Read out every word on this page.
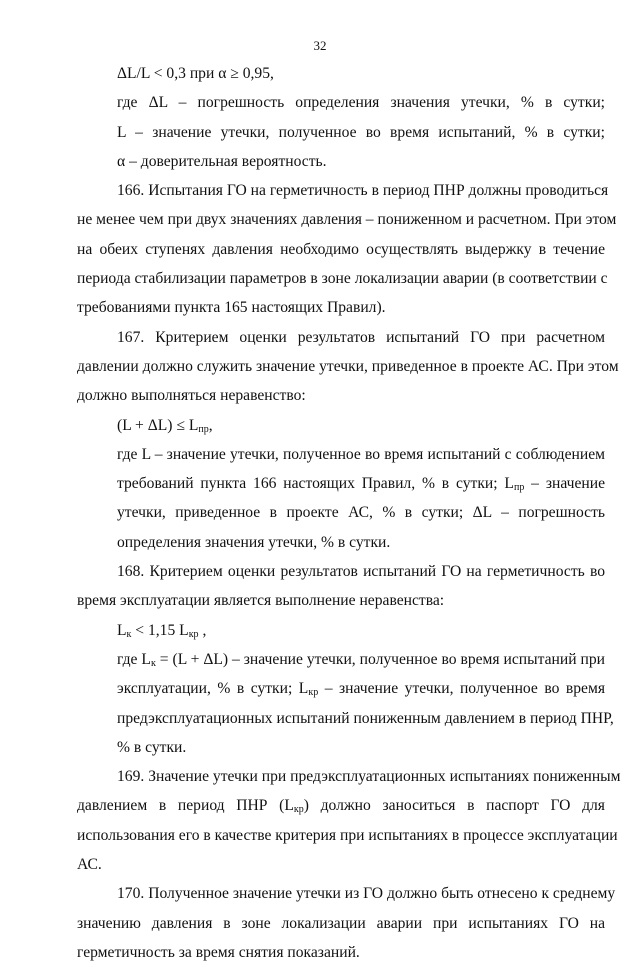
32
ΔL/L < 0,3 при α ≥ 0,95,
где ΔL – погрешность определения значения утечки, % в сутки;
L – значение утечки, полученное во время испытаний, % в сутки;
α – доверительная вероятность.
166. Испытания ГО на герметичность в период ПНР должны проводиться
не менее чем при двух значениях давления – пониженном и расчетном. При этом
на обеих ступенях давления необходимо осуществлять выдержку в течение
периода стабилизации параметров в зоне локализации аварии (в соответствии с
требованиями пункта 165 настоящих Правил).
167. Критерием оценки результатов испытаний ГО при расчетном
давлении должно служить значение утечки, приведенное в проекте АС. При этом
должно выполняться неравенство:
$(L + \Delta L) \le L_{пр}$,
где L – значение утечки, полученное во время испытаний с соблюдением
требований пункта 166 настоящих Правил, % в сутки; $L_{пр}$ – значение
утечки, приведенное в проекте АС, % в сутки; ΔL – погрешность
определения значения утечки, % в сутки.
168. Критерием оценки результатов испытаний ГО на герметичность во
время эксплуатации является выполнение неравенства:
$L_к < 1,15$ $L_{кр}$ ,
где $L_к = (L + \Delta L)$ – значение утечки, полученное во время испытаний при
эксплуатации, % в сутки; $L_{кр}$ – значение утечки, полученное во время
предэксплуатационных испытаний пониженным давлением в период ПНР,
% в сутки.
169. Значение утечки при предэксплуатационных испытаниях пониженным
давлением в период ПНР $(L_{кр})$ должно заноситься в паспорт ГО для
использования его в качестве критерия при испытаниях в процессе эксплуатации
АС.
170. Полученное значение утечки из ГО должно быть отнесено к среднему
значению давления в зоне локализации аварии при испытаниях ГО на
герметичность за время снятия показаний.
